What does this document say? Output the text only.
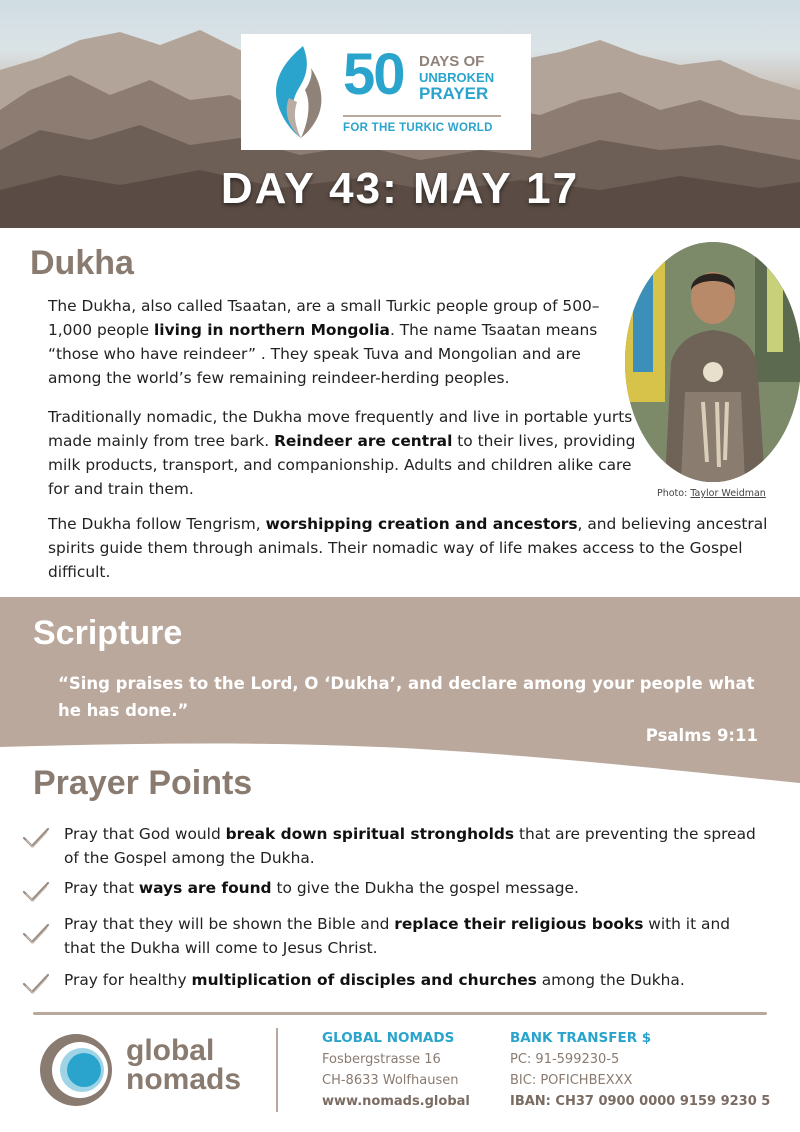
50 DAYS OF
UNBROKEN
PRAYER
FOR THE TURKIC WORLD
DAY 43: MAY 17
Dukha
The Dukha, also called Tsaatan, are a small Turkic people group of 500–1,000 people living in northern Mongolia. The name Tsaatan means “those who have reindeer” . They speak Tuva and Mongolian and are among the world’s few remaining reindeer-herding peoples.
Traditionally nomadic, the Dukha move frequently and live in portable yurts made mainly from tree bark. Reindeer are central to their lives, providing milk products, transport, and companionship. Adults and children alike care for and train them.
The Dukha follow Tengrism, worshipping creation and ancestors, and believing ancestral spirits guide them through animals. Their nomadic way of life makes access to the Gospel difficult.
Photo: Taylor Weidman
Scripture
“Sing praises to the Lord, O ‘Dukha’, and declare among your people what he has done.”
Psalms 9:11
Prayer Points
Pray that God would break down spiritual strongholds that are preventing the spread of the Gospel among the Dukha.
Pray that ways are found to give the Dukha the gospel message.
Pray that they will be shown the Bible and replace their religious books with it and that the Dukha will come to Jesus Christ.
Pray for healthy multiplication of disciples and churches among the Dukha.
global
nomads
GLOBAL NOMADS
Fosbergstrasse 16
CH-8633 Wolfhausen
www.nomads.global
BANK TRANSFER $
PC: 91-599230-5
BIC: POFICHBEXXX
IBAN: CH37 0900 0000 9159 9230 5
